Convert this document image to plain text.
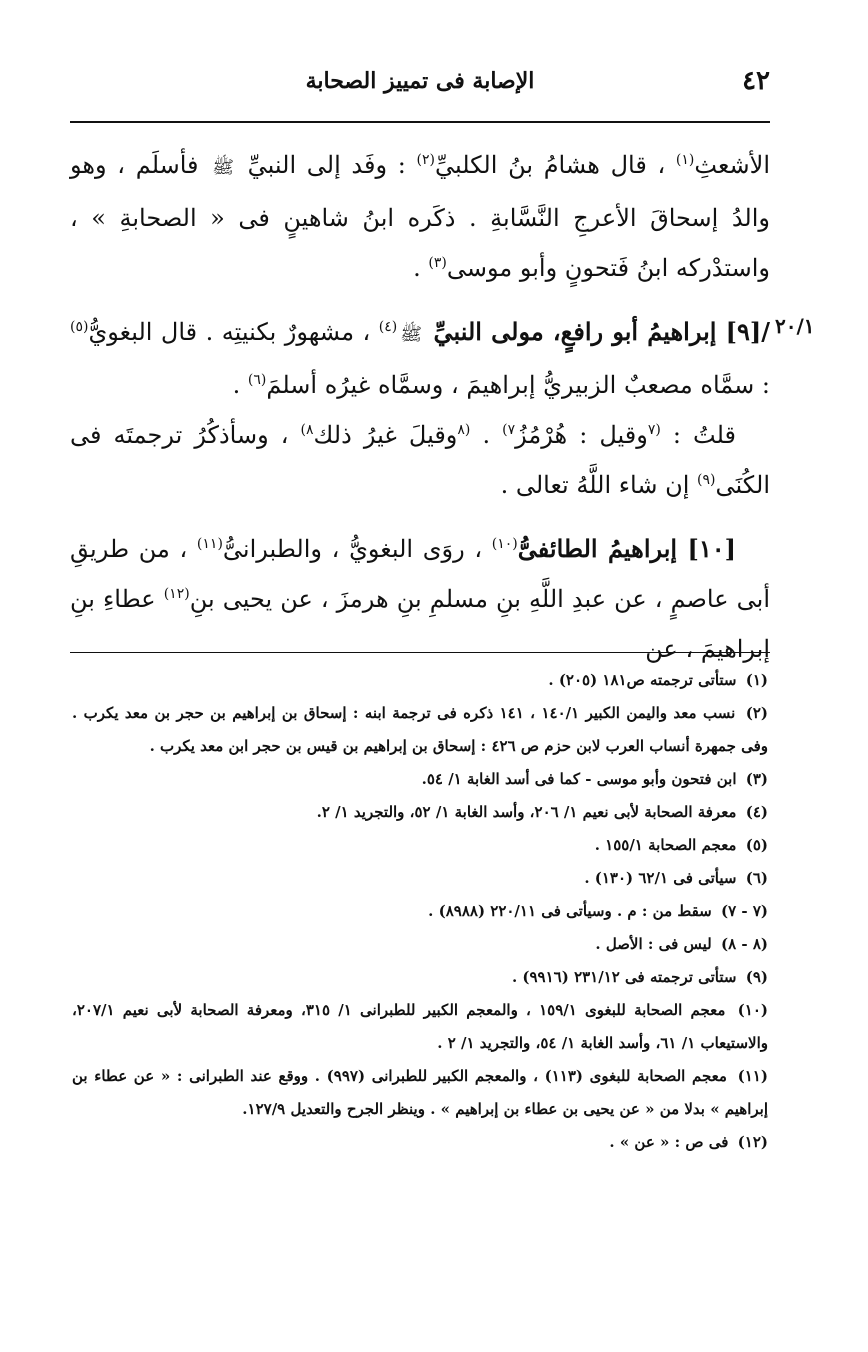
٤٢
الإصابة فى تمييز الصحابة
٢٠/١

الأشعثِ$^{(١)}$ ، قال هشامُ بنُ الكلبيِّ$^{(٢)}$ : وفَد إلى النبيِّ ﷺ فأسلَم ، وهو والدُ إسحاقَ الأعرجِ النَّسَّابةِ . ذكَره ابنُ شاهينٍ فى « الصحابةِ » ، واستدْركه ابنُ فَتحونٍ وأبو موسى$^{(٣)}$ .

/[٩] إبراهيمُ أبو رافعٍ، مولى النبيِّ ﷺ$^{(٤)}$ ، مشهورٌ بكنيتِه . قال البغويُّ$^{(٥)}$ : سمَّاه مصعبٌ الزبيريُّ إبراهيمَ ، وسمَّاه غيرُه أسلمَ$^{(٦)}$ .

قلتُ : $^{(٧}$وقيل : هُرْمُزُ$^{٧)}$ . $^{(٨}$وقيلَ غيرُ ذلك$^{٨)}$ ، وسأذكُرُ ترجمتَه فى الكُنَى$^{(٩)}$ إن شاء اللَّهُ تعالى .

[١٠] إبراهيمُ الطائفىُّ$^{(١٠)}$ ، روَى البغويُّ ، والطبرانىُّ$^{(١١)}$ ، من طريقِ أبى عاصمٍ ، عن عبدِ اللَّهِ بنِ مسلمِ بنِ هرمزَ ، عن يحيى بنِ$^{(١٢)}$ عطاءِ بنِ إبراهيمَ ، عن

(١) ستأتى ترجمته ص١٨١ (٢٠٥) .

(٢) نسب معد واليمن الكبير ١٤٠/١ ، ١٤١ ذكره فى ترجمة ابنه : إسحاق بن إبراهيم بن حجر بن معد يكرب . وفى جمهرة أنساب العرب لابن حزم ص ٤٢٦ : إسحاق بن إبراهيم بن قيس بن حجر ابن معد يكرب .

(٣) ابن فتحون وأبو موسى - كما فى أسد الغابة ١/ ٥٤.

(٤) معرفة الصحابة لأبى نعيم ١/ ٢٠٦، وأسد الغابة ١/ ٥٢، والتجريد ١/ ٢.

(٥) معجم الصحابة ١٥٥/١ .

(٦) سيأتى فى ٦٢/١ (١٣٠) .

(٧ - ٧) سقط من : م . وسيأتى فى ٢٢٠/١١ (٨٩٨٨) .

(٨ - ٨) ليس فى : الأصل .

(٩) ستأتى ترجمته فى ٢٣١/١٢ (٩٩١٦) .

(١٠) معجم الصحابة للبغوى ١٥٩/١ ، والمعجم الكبير للطبرانى ١/ ٣١٥، ومعرفة الصحابة لأبى نعيم ٢٠٧/١، والاستيعاب ١/ ٦١، وأسد الغابة ١/ ٥٤، والتجريد ١/ ٢ .

(١١) معجم الصحابة للبغوى (١١٣) ، والمعجم الكبير للطبرانى (٩٩٧) . ووقع عند الطبرانى : « عن عطاء بن إبراهيم » بدلا من « عن يحيى بن عطاء بن إبراهيم » . وينظر الجرح والتعديل ١٢٧/٩.

(١٢) فى ص : « عن » .
